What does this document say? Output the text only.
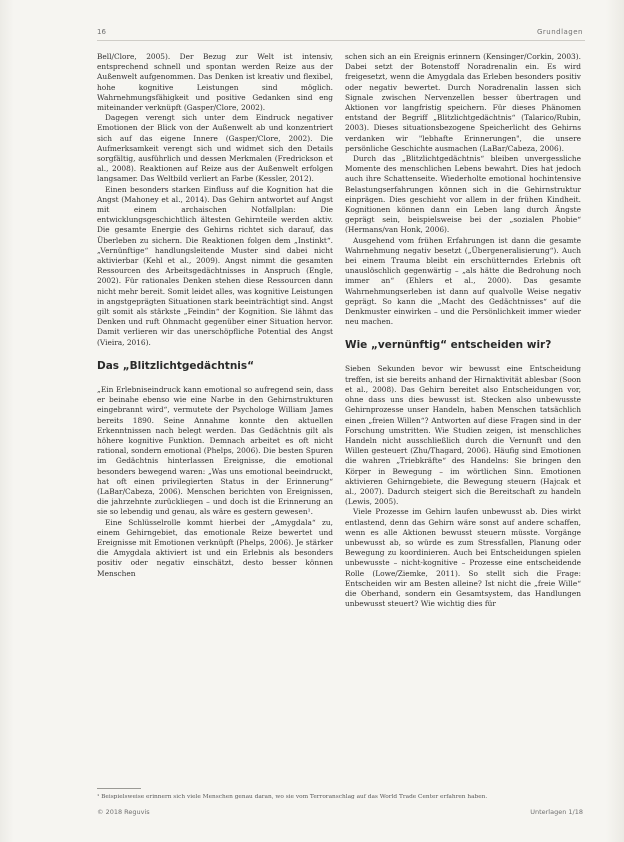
16	Grundlagen

Bell/Clore, 2005). Der Bezug zur Welt ist intensiv, entsprechend schnell und spontan werden Reize aus der Außenwelt aufgenommen. Das Denken ist kreativ und flexibel, hohe kognitive Leistungen sind möglich. Wahrnehmungsfähigkeit und positive Gedanken sind eng miteinander verknüpft (Gasper/Clore, 2002).

Dagegen verengt sich unter dem Eindruck negativer Emotionen der Blick von der Außenwelt ab und konzentriert sich auf das eigene Innere (Gasper/Clore, 2002). Die Aufmerksamkeit verengt sich und widmet sich den Details sorgfältig, ausführlich und dessen Merkmalen (Fredrickson et al., 2008). Reaktionen auf Reize aus der Außenwelt erfolgen langsamer. Das Weltbild verliert an Farbe (Kessler, 2012).

Einen besonders starken Einfluss auf die Kognition hat die Angst (Mahoney et al., 2014). Das Gehirn antwortet auf Angst mit einem archaischen Notfallplan: Die entwicklungsgeschichtlich ältesten Gehirnteile werden aktiv. Die gesamte Energie des Gehirns richtet sich darauf, das Überleben zu sichern. Die Reaktionen folgen dem „Instinkt“. „Vernünftige“ handlungsleitende Muster sind dabei nicht aktivierbar (Kehl et al., 2009). Angst nimmt die gesamten Ressourcen des Arbeitsgedächtnisses in Anspruch (Engle, 2002). Für rationales Denken stehen diese Ressourcen dann nicht mehr bereit. Somit leidet alles, was kognitive Leistungen in angstgeprägten Situationen stark beeinträchtigt sind. Angst gilt somit als stärkste „Feindin“ der Kognition. Sie lähmt das Denken und ruft Ohnmacht gegenüber einer Situation hervor. Damit verlieren wir das unerschöpfliche Potential des Angst (Vieira, 2016).

Das „Blitzlichtgedächtnis“

„Ein Erlebniseindruck kann emotional so aufregend sein, dass er beinahe ebenso wie eine Narbe in den Gehirnstrukturen eingebrannt wird“, vermutete der Psychologe William James bereits 1890. Seine Annahme konnte den aktuellen Erkenntnissen nach belegt werden. Das Gedächtnis gilt als höhere kognitive Funktion. Demnach arbeitet es oft nicht rational, sondern emotional (Phelps, 2006). Die besten Spuren im Gedächtnis hinterlassen Ereignisse, die emotional besonders bewegend waren: „Was uns emotional beeindruckt, hat oft einen privilegierten Status in der Erinnerung“ (LaBar/Cabeza, 2006). Menschen berichten von Ereignissen, die jahrzehnte zurückliegen – und doch ist die Erinnerung an sie so lebendig und genau, als wäre es gestern gewesen¹.

Eine Schlüsselrolle kommt hierbei der „Amygdala“ zu, einem Gehirngebiet, das emotionale Reize bewertet und Ereignisse mit Emotionen verknüpft (Phelps, 2006). Je stärker die Amygdala aktiviert ist und ein Erlebnis als besonders positiv oder negativ einschätzt, desto besser können Menschen

schen sich an ein Ereignis erinnern (Kensinger/Corkin, 2003). Dabei setzt der Botenstoff Noradrenalin ein. Es wird freigesetzt, wenn die Amygdala das Erleben besonders positiv oder negativ bewertet. Durch Noradrenalin lassen sich Signale zwischen Nervenzellen besser übertragen und Aktionen vor langfristig speichern. Für dieses Phänomen entstand der Begriff „Blitzlichtgedächtnis“ (Talarico/Rubin, 2003). Dieses situationsbezogene Speicherlicht des Gehirns verdanken wir "lebhafte Erinnerungen", die unsere persönliche Geschichte ausmachen (LaBar/Cabeza, 2006).

Durch das „Blitzlichtgedächtnis“ bleiben unvergessliche Momente des menschlichen Lebens bewahrt. Dies hat jedoch auch ihre Schattenseite. Wiederholte emotional hochintensive Belastungserfahrungen können sich in die Gehirnstruktur einprägen. Dies geschieht vor allem in der frühen Kindheit. Kognitionen können dann ein Leben lang durch Ängste geprägt sein, beispielsweise bei der „sozialen Phobie“ (Hermans/van Honk, 2006).

Ausgehend vom frühen Erfahrungen ist dann die gesamte Wahrnehmung negativ besetzt („Übergeneralisierung“). Auch bei einem Trauma bleibt ein erschütterndes Erlebnis oft unauslöschlich gegenwärtig – „als hätte die Bedrohung noch immer an“ (Ehlers et al., 2000). Das gesamte Wahrnehmungserleben ist dann auf qualvolle Weise negativ geprägt. So kann die „Macht des Gedächtnisses“ auf die Denkmuster einwirken – und die Persönlichkeit immer wieder neu machen.

Wie „vernünftig“ entscheiden wir?

Sieben Sekunden bevor wir bewusst eine Entscheidung treffen, ist sie bereits anhand der Hirnaktivität ablesbar (Soon et al., 2008). Das Gehirn bereitet also Entscheidungen vor, ohne dass uns dies bewusst ist. Stecken also unbewusste Gehirnprozesse unser Handeln, haben Menschen tatsächlich einen „freien Willen“? Antworten auf diese Fragen sind in der Forschung umstritten. Wie Studien zeigen, ist menschliches Handeln nicht ausschließlich durch die Vernunft und den Willen gesteuert (Zhu/Thagard, 2006). Häufig sind Emotionen die wahren „Triebkräfte“ des Handelns: Sie bringen den Körper in Bewegung – im wörtlichen Sinn. Emotionen aktivieren Gehirngebiete, die Bewegung steuern (Hajcak et al., 2007). Dadurch steigert sich die Bereitschaft zu handeln (Lewis, 2005).

Viele Prozesse im Gehirn laufen unbewusst ab. Dies wirkt entlastend, denn das Gehirn wäre sonst auf andere schaffen, wenn es alle Aktionen bewusst steuern müsste. Vorgänge unbewusst ab, so würde es zum Stressfallen, Planung oder Bewegung zu koordinieren. Auch bei Entscheidungen spielen unbewusste – nicht-kognitive – Prozesse eine entscheidende Rolle (Lowe/Ziemke, 2011). So stellt sich die Frage: Entscheiden wir am Besten alleine? Ist nicht die „freie Wille“ die Oberhand, sondern ein Gesamtsystem, das Handlungen unbewusst steuert? Wie wichtig dies für

¹ Beispielsweise erinnern sich viele Menschen genau daran, wo sie vom Terroranschlag auf das World Trade Center erfahren haben.
© 2018 Reguvis	Unterlagen 1/18
